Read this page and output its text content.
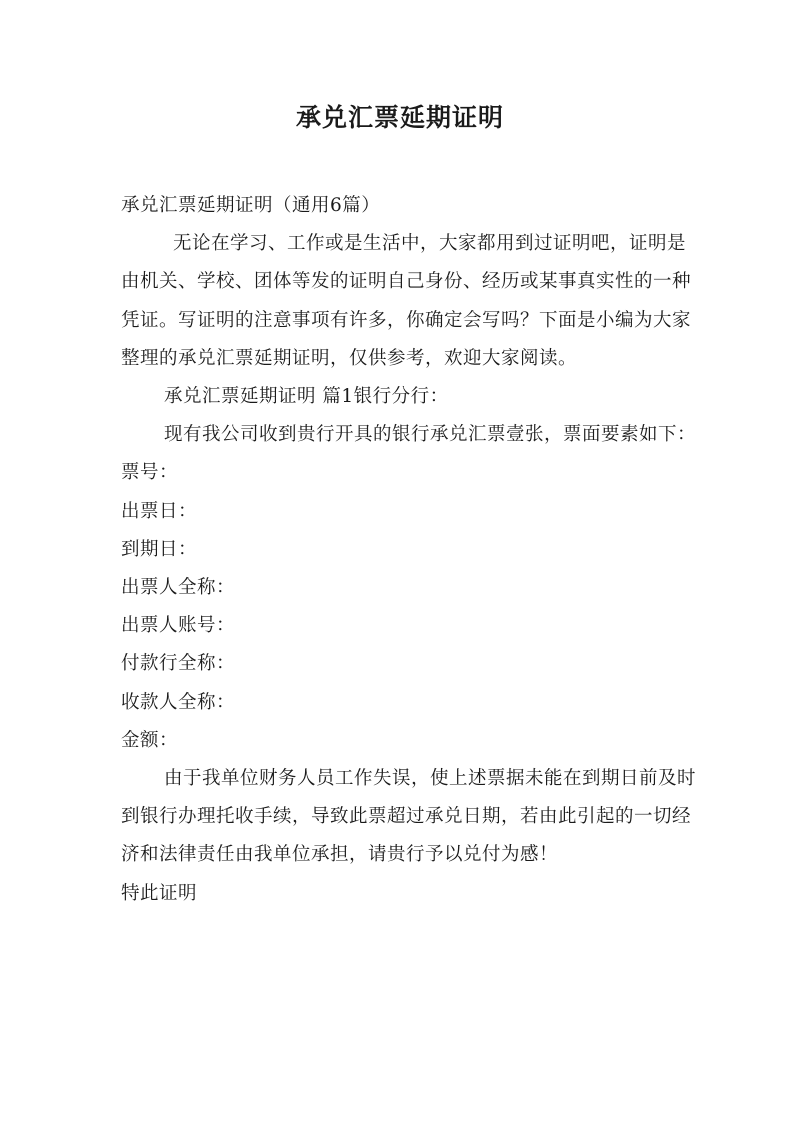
承兑汇票延期证明

承兑汇票延期证明（通用6篇）

无论在学习、工作或是生活中，大家都用到过证明吧，证明是由机关、学校、团体等发的证明自己身份、经历或某事真实性的一种凭证。写证明的注意事项有许多，你确定会写吗？下面是小编为大家整理的承兑汇票延期证明，仅供参考，欢迎大家阅读。

承兑汇票延期证明 篇1银行分行：

现有我公司收到贵行开具的银行承兑汇票壹张，票面要素如下：

票号：

出票日：

到期日：

出票人全称：

出票人账号：

付款行全称：

收款人全称：

金额：

由于我单位财务人员工作失误，使上述票据未能在到期日前及时到银行办理托收手续，导致此票超过承兑日期，若由此引起的一切经济和法律责任由我单位承担，请贵行予以兑付为感！

特此证明
